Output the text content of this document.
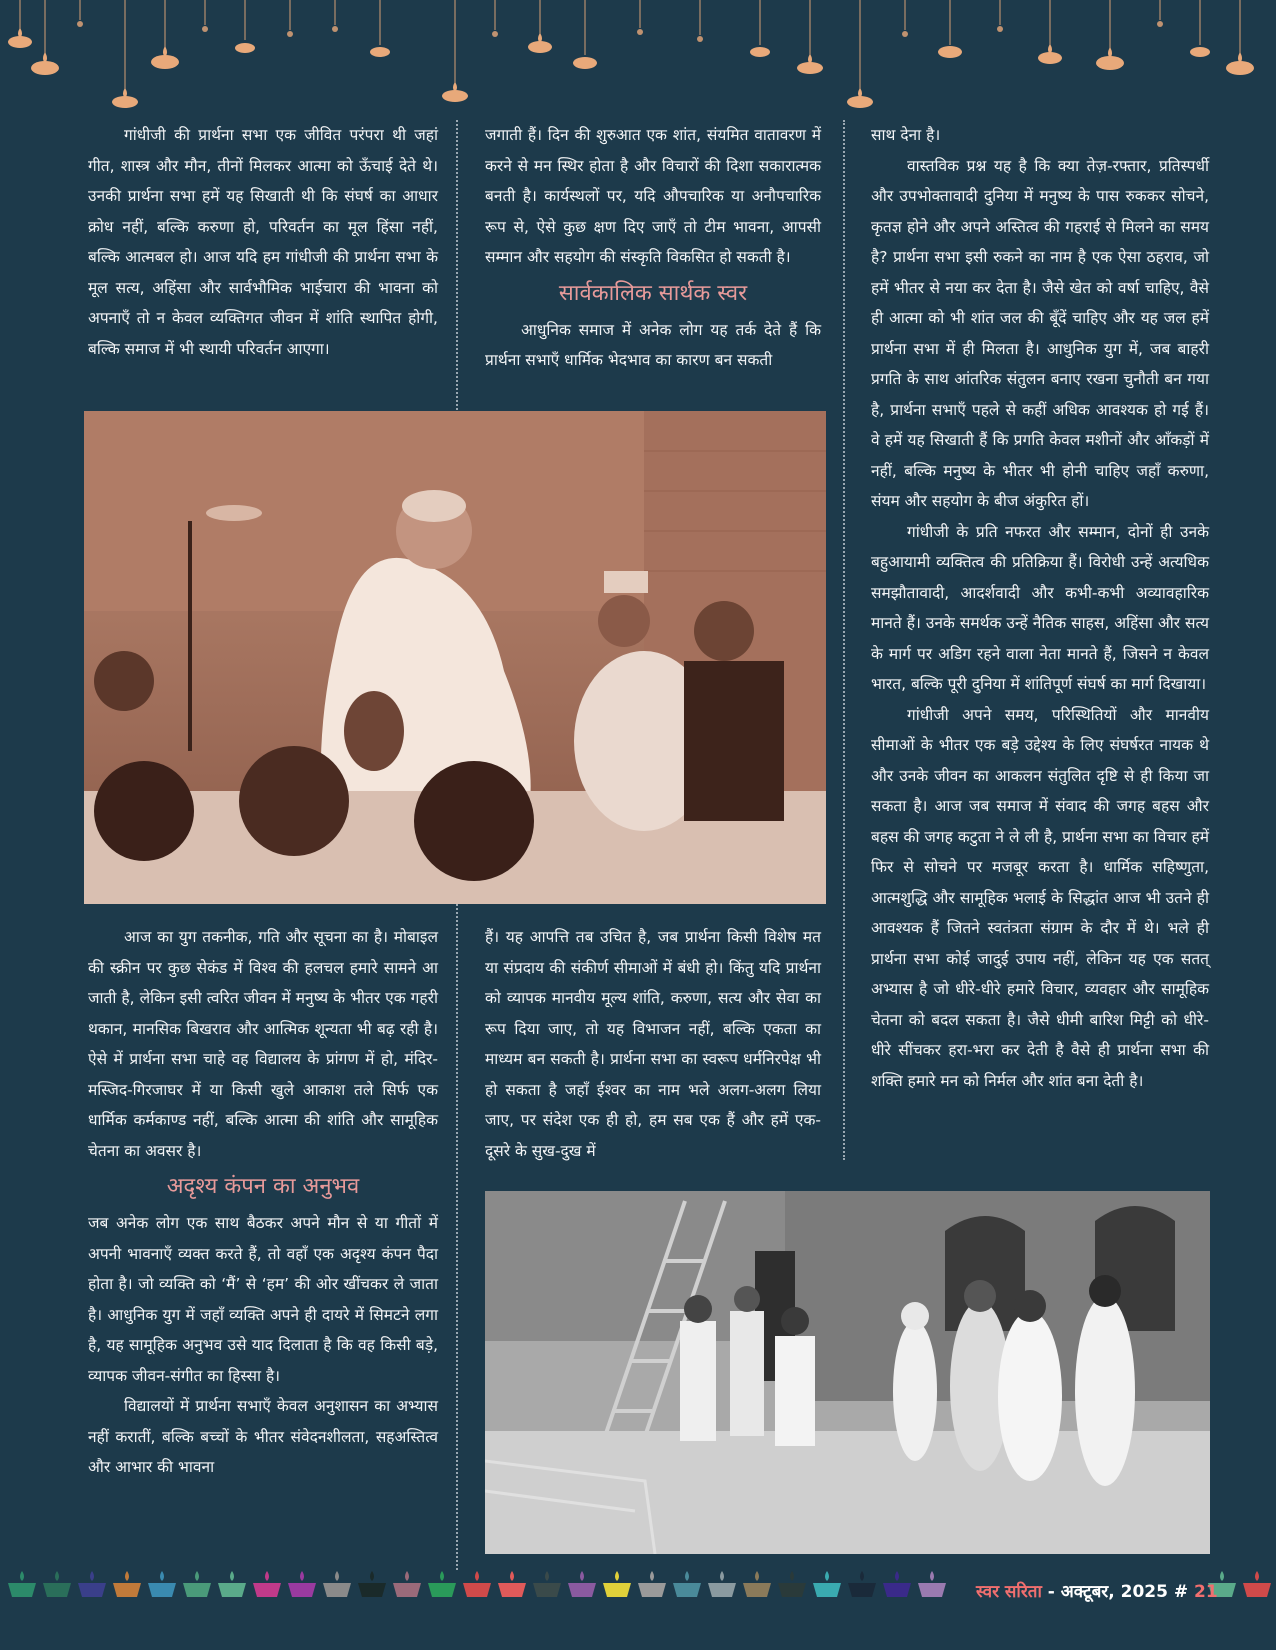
गांधीजी की प्रार्थना सभा एक जीवित परंपरा थी जहां गीत, शास्त्र और मौन, तीनों मिलकर आत्मा को ऊँचाई देते थे। उनकी प्रार्थना सभा हमें यह सिखाती थी कि संघर्ष का आधार क्रोध नहीं, बल्कि करुणा हो, परिवर्तन का मूल हिंसा नहीं, बल्कि आत्मबल हो। आज यदि हम गांधीजी की प्रार्थना सभा के मूल सत्य, अहिंसा और सार्वभौमिक भाईचारा की भावना को अपनाएँ तो न केवल व्यक्तिगत जीवन में शांति स्थापित होगी, बल्कि समाज में भी स्थायी परिवर्तन आएगा।

जगाती हैं। दिन की शुरुआत एक शांत, संयमित वातावरण में करने से मन स्थिर होता है और विचारों की दिशा सकारात्मक बनती है। कार्यस्थलों पर, यदि औपचारिक या अनौपचारिक रूप से, ऐसे कुछ क्षण दिए जाएँ तो टीम भावना, आपसी सम्मान और सहयोग की संस्कृति विकसित हो सकती है।

सार्वकालिक सार्थक स्वर

आधुनिक समाज में अनेक लोग यह तर्क देते हैं कि प्रार्थना सभाएँ धार्मिक भेदभाव का कारण बन सकती

साथ देना है।

वास्तविक प्रश्न यह है कि क्या तेज़-रफ्तार, प्रतिस्पर्धी और उपभोक्तावादी दुनिया में मनुष्य के पास रुककर सोचने, कृतज्ञ होने और अपने अस्तित्व की गहराई से मिलने का समय है? प्रार्थना सभा इसी रुकने का नाम है एक ऐसा ठहराव, जो हमें भीतर से नया कर देता है। जैसे खेत को वर्षा चाहिए, वैसे ही आत्मा को भी शांत जल की बूँदें चाहिए और यह जल हमें प्रार्थना सभा में ही मिलता है। आधुनिक युग में, जब बाहरी प्रगति के साथ आंतरिक संतुलन बनाए रखना चुनौती बन गया है, प्रार्थना सभाएँ पहले से कहीं अधिक आवश्यक हो गई हैं। वे हमें यह सिखाती हैं कि प्रगति केवल मशीनों और आँकड़ों में नहीं, बल्कि मनुष्य के भीतर भी होनी चाहिए जहाँ करुणा, संयम और सहयोग के बीज अंकुरित हों।

गांधीजी के प्रति नफरत और सम्मान, दोनों ही उनके बहुआयामी व्यक्तित्व की प्रतिक्रिया हैं। विरोधी उन्हें अत्यधिक समझौतावादी, आदर्शवादी और कभी-कभी अव्यावहारिक मानते हैं। उनके समर्थक उन्हें नैतिक साहस, अहिंसा और सत्य के मार्ग पर अडिग रहने वाला नेता मानते हैं, जिसने न केवल भारत, बल्कि पूरी दुनिया में शांतिपूर्ण संघर्ष का मार्ग दिखाया।

गांधीजी अपने समय, परिस्थितियों और मानवीय सीमाओं के भीतर एक बड़े उद्देश्य के लिए संघर्षरत नायक थे और उनके जीवन का आकलन संतुलित दृष्टि से ही किया जा सकता है। आज जब समाज में संवाद की जगह बहस और बहस की जगह कटुता ने ले ली है, प्रार्थना सभा का विचार हमें फिर से सोचने पर मजबूर करता है। धार्मिक सहिष्णुता, आत्मशुद्धि और सामूहिक भलाई के सिद्धांत आज भी उतने ही आवश्यक हैं जितने स्वतंत्रता संग्राम के दौर में थे। भले ही प्रार्थना सभा कोई जादुई उपाय नहीं, लेकिन यह एक सतत् अभ्यास है जो धीरे-धीरे हमारे विचार, व्यवहार और सामूहिक चेतना को बदल सकता है। जैसे धीमी बारिश मिट्टी को धीरे-धीरे सींचकर हरा-भरा कर देती है वैसे ही प्रार्थना सभा की शक्ति हमारे मन को निर्मल और शांत बना देती है।

आज का युग तकनीक, गति और सूचना का है। मोबाइल की स्क्रीन पर कुछ सेकंड में विश्व की हलचल हमारे सामने आ जाती है, लेकिन इसी त्वरित जीवन में मनुष्य के भीतर एक गहरी थकान, मानसिक बिखराव और आत्मिक शून्यता भी बढ़ रही है। ऐसे में प्रार्थना सभा चाहे वह विद्यालय के प्रांगण में हो, मंदिर-मस्जिद-गिरजाघर में या किसी खुले आकाश तले सिर्फ एक धार्मिक कर्मकाण्ड नहीं, बल्कि आत्मा की शांति और सामूहिक चेतना का अवसर है।

अदृश्य कंपन का अनुभव

जब अनेक लोग एक साथ बैठकर अपने मौन से या गीतों में अपनी भावनाएँ व्यक्त करते हैं, तो वहाँ एक अदृश्य कंपन पैदा होता है। जो व्यक्ति को ‘मैं’ से ‘हम’ की ओर खींचकर ले जाता है। आधुनिक युग में जहाँ व्यक्ति अपने ही दायरे में सिमटने लगा है, यह सामूहिक अनुभव उसे याद दिलाता है कि वह किसी बड़े, व्यापक जीवन-संगीत का हिस्सा है।

विद्यालयों में प्रार्थना सभाएँ केवल अनुशासन का अभ्यास नहीं करातीं, बल्कि बच्चों के भीतर संवेदनशीलता, सहअस्तित्व और आभार की भावना

हैं। यह आपत्ति तब उचित है, जब प्रार्थना किसी विशेष मत या संप्रदाय की संकीर्ण सीमाओं में बंधी हो। किंतु यदि प्रार्थना को व्यापक मानवीय मूल्य शांति, करुणा, सत्य और सेवा का रूप दिया जाए, तो यह विभाजन नहीं, बल्कि एकता का माध्यम बन सकती है। प्रार्थना सभा का स्वरूप धर्मनिरपेक्ष भी हो सकता है जहाँ ईश्वर का नाम भले अलग-अलग लिया जाए, पर संदेश एक ही हो, हम सब एक हैं और हमें एक-दूसरे के सुख-दुख में

स्वर सरिता - अक्टूबर, 2025 # 21
